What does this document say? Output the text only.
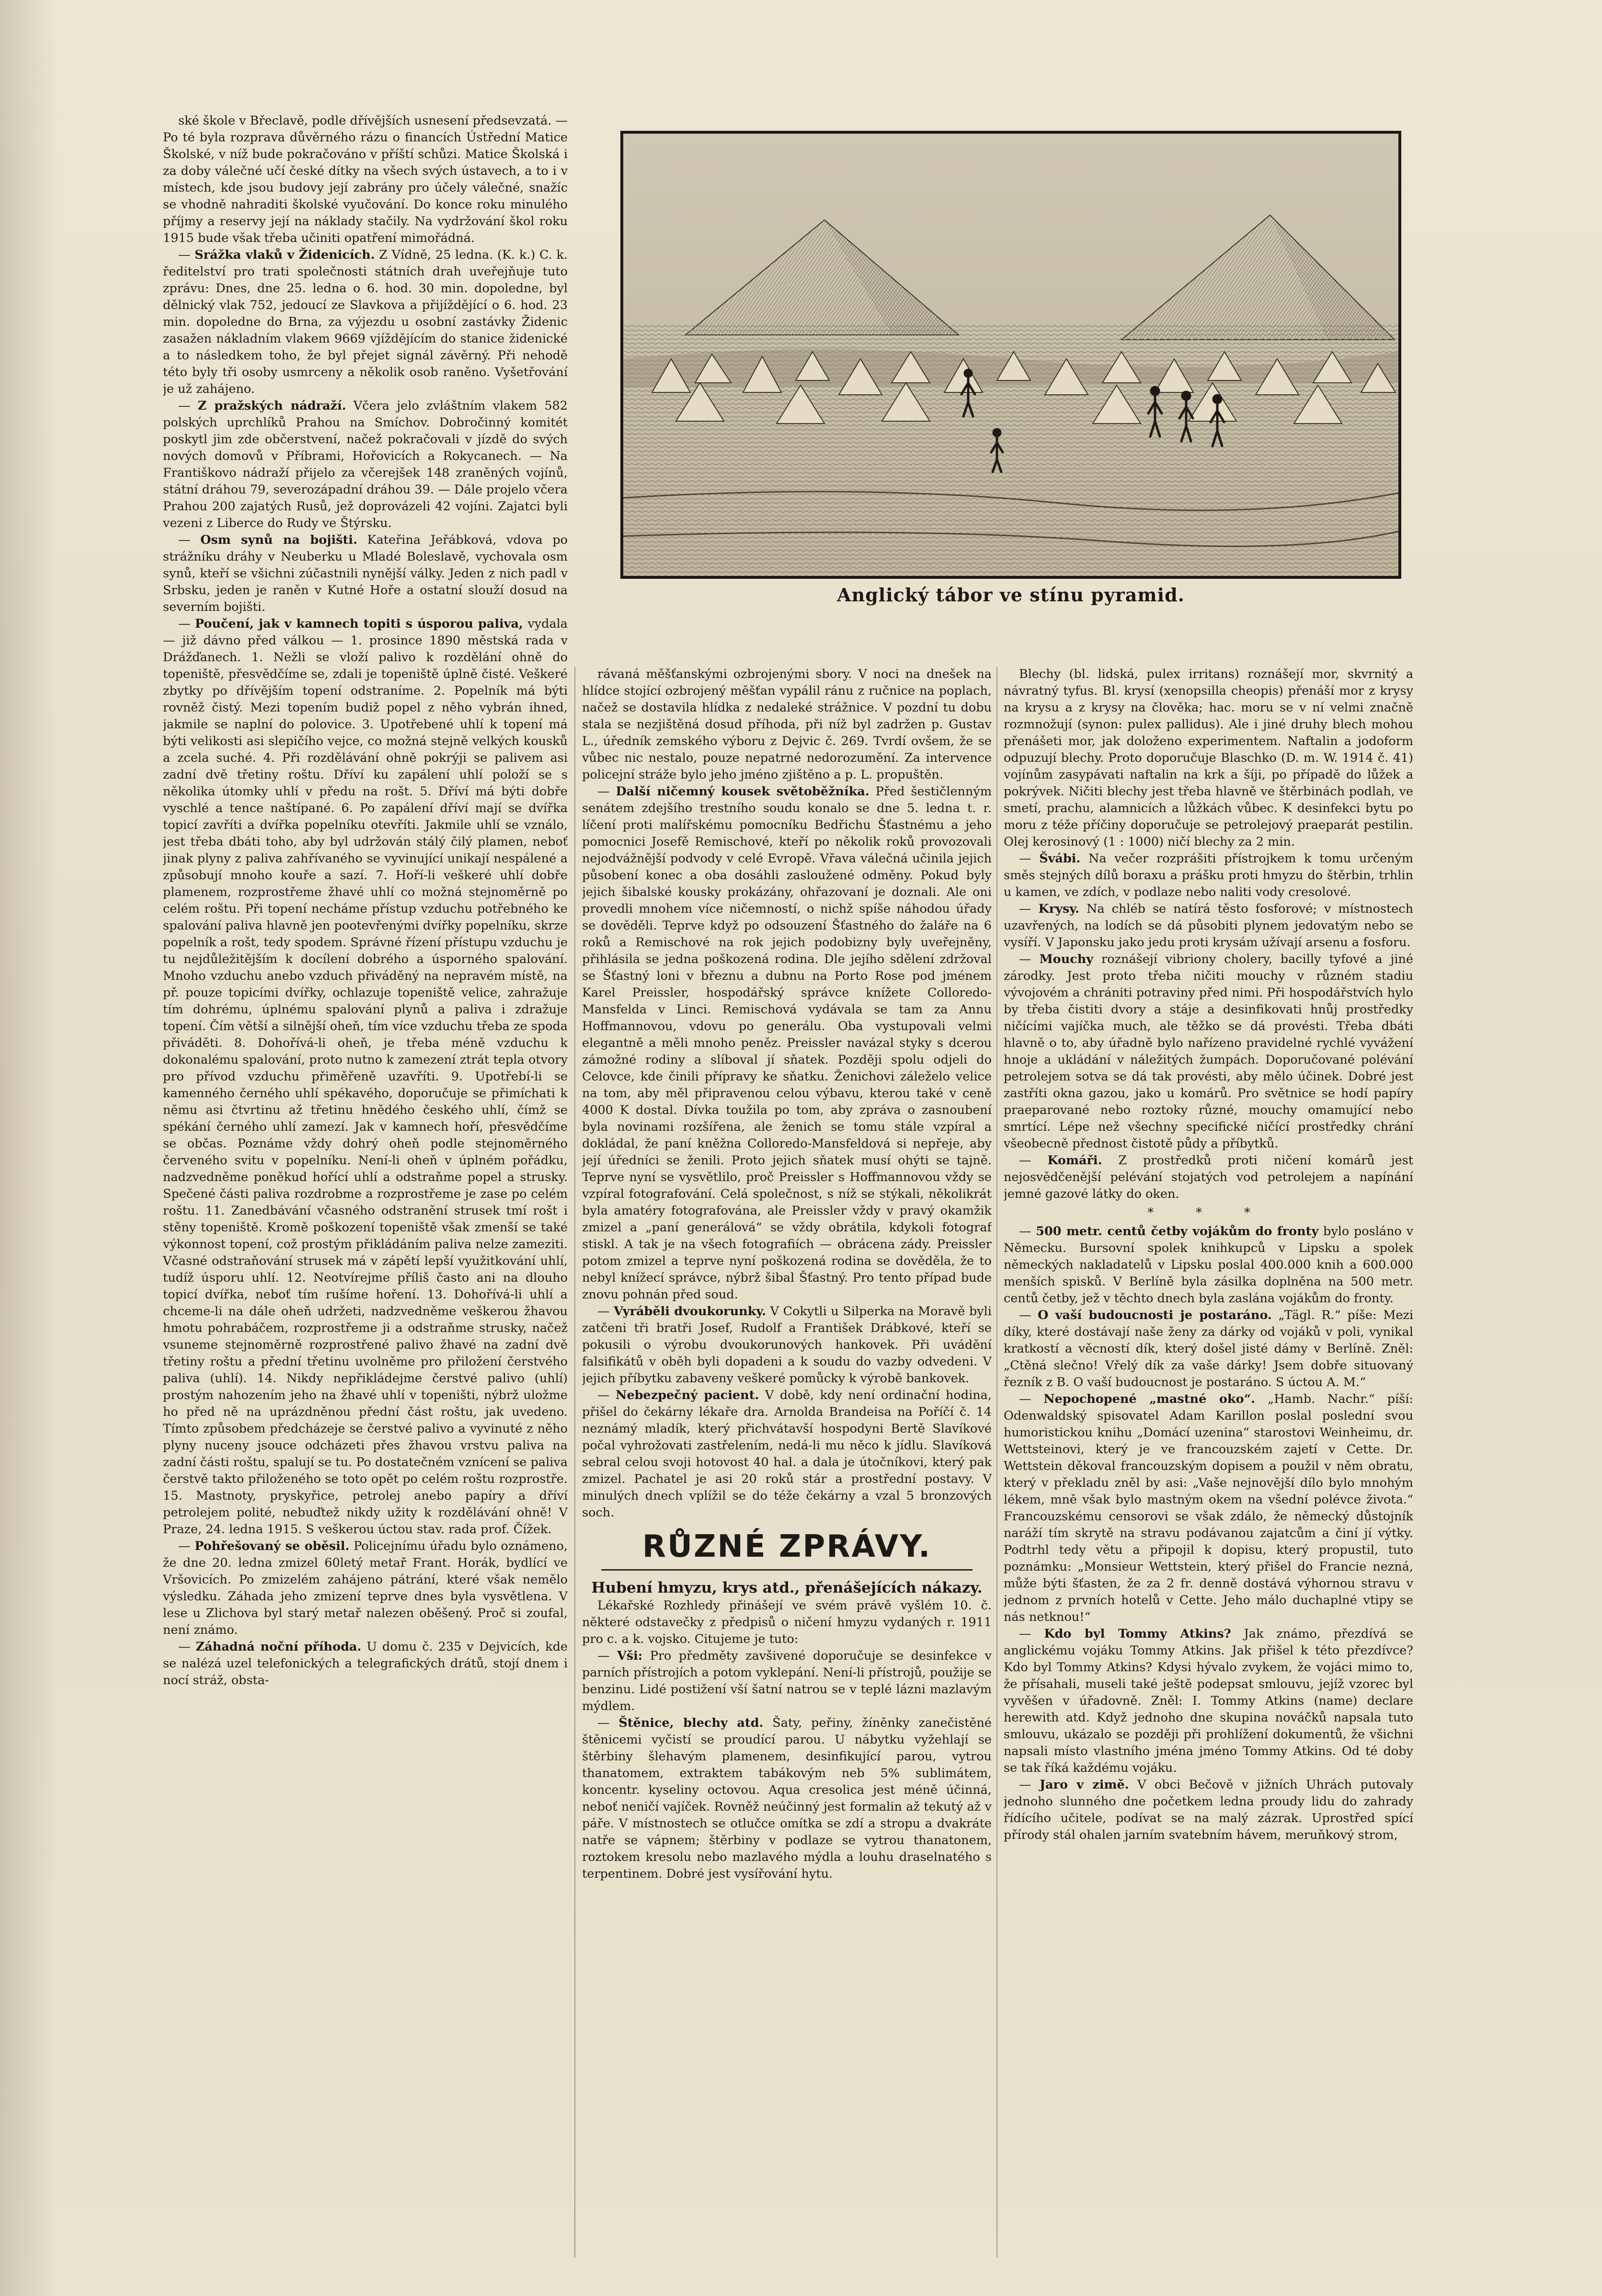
ské škole v Břeclavě, podle dřívějších usnesení předsevzatá. — Po té byla rozprava důvěrného rázu o financích Ústřední Matice Školské, v níž bude pokračováno v příští schůzi. Matice Školská i za doby válečné učí české dítky na všech svých ústavech, a to i v místech, kde jsou budovy její zabrány pro účely válečné, snažíc se vhodně nahraditi školské vyučování. Do konce roku minulého příjmy a reservy její na náklady stačily. Na vydržování škol roku 1915 bude však třeba učiniti opatření mimořádná.

— Srážka vlaků v Židenicích. Z Vídně, 25 ledna. (K. k.) C. k. ředitelství pro trati společnosti státních drah uveřejňuje tuto zprávu: Dnes, dne 25. ledna o 6. hod. 30 min. dopoledne, byl dělnický vlak 752, jedoucí ze Slavkova a přijíždějící o 6. hod. 23 min. dopoledne do Brna, za výjezdu u osobní zastávky Židenic zasažen nákladním vlakem 9669 vjíždějícím do stanice židenické a to následkem toho, že byl přejet signál závěrný. Při nehodě této byly tři osoby usmrceny a několik osob raněno. Vyšetřování je už zahájeno.

— Z pražských nádraží. Včera jelo zvláštním vlakem 582 polských uprchlíků Prahou na Smíchov. Dobročinný komitét poskytl jim zde občerstvení, načež pokračovali v jízdě do svých nových domovů v Příbrami, Hořovicích a Rokycanech. — Na Františkovo nádraží přijelo za včerejšek 148 zraněných vojínů, státní dráhou 79, severozápadní dráhou 39. — Dále projelo včera Prahou 200 zajatých Rusů, jež doprovázeli 42 vojíni. Zajatci byli vezeni z Liberce do Rudy ve Štýrsku.

— Osm synů na bojišti. Kateřina Jeřábková, vdova po strážníku dráhy v Neuberku u Mladé Boleslavě, vychovala osm synů, kteří se všichni zúčastnili nynější války. Jeden z nich padl v Srbsku, jeden je raněn v Kutné Hoře a ostatní slouží dosud na severním bojišti.

— Poučení, jak v kamnech topiti s úsporou paliva, vydala — již dávno před válkou — 1. prosince 1890 městská rada v Drážďanech. 1. Nežli se vloží palivo k rozdělání ohně do topeniště, přesvědčíme se, zdali je topeniště úplně čisté. Veškeré zbytky po dřívějším topení odstraníme. 2. Popelník má býti rovněž čistý. Mezi topením budiž popel z něho vybrán ihned, jakmile se naplní do polovice. 3. Upotřebené uhlí k topení má býti velikosti asi slepičího vejce, co možná stejně velkých kousků a zcela suché. 4. Při rozdělávání ohně pokrýji se palivem asi zadní dvě třetiny roštu. Dříví ku zapálení uhlí položí se s několika útomky uhlí v předu na rošt. 5. Dříví má býti dobře vyschlé a tence naštípané. 6. Po zapálení dříví mají se dvířka topicí zavříti a dvířka popelníku otevříti. Jakmile uhlí se vználo, jest třeba dbáti toho, aby byl udržován stálý čilý plamen, neboť jinak plyny z paliva zahřívaného se vyvinující unikají nespálené a způsobují mnoho kouře a sazí. 7. Hoří-li veškeré uhlí dobře plamenem, rozprostřeme žhavé uhlí co možná stejnoměrně po celém roštu. Při topení necháme přístup vzduchu potřebného ke spalování paliva hlavně jen pootevřenými dvířky popelníku, skrze popelník a rošt, tedy spodem. Správné řízení přístupu vzduchu je tu nejdůležitějším k docílení dobrého a úsporného spalování. Mnoho vzduchu anebo vzduch přiváděný na nepravém místě, na př. pouze topicími dvířky, ochlazuje topeniště velice, zahražuje tím dohrému, úplnému spalování plynů a paliva i zdražuje topení. Čím větší a silnější oheň, tím více vzduchu třeba ze spoda přiváděti. 8. Dohořívá-li oheň, je třeba méně vzduchu k dokonalému spalování, proto nutno k zamezení ztrát tepla otvory pro přívod vzduchu přiměřeně uzavříti. 9. Upotřebí-li se kamenného černého uhlí spékavého, doporučuje se přimíchati k němu asi čtvrtinu až třetinu hnědého českého uhlí, čímž se spékání černého uhlí zamezí. Jak v kamnech hoří, přesvědčíme se občas. Poznáme vždy dohrý oheň podle stejnoměrného červeného svitu v popelníku. Není-li oheň v úplném pořádku, nadzvedněme poněkud hořící uhlí a odstraňme popel a strusky. Spečené části paliva rozdrobme a rozprostřeme je zase po celém roštu. 11. Zanedbávání včasného odstranění strusek tmí rošt i stěny topeniště. Kromě poškození topeniště však zmenší se také výkonnost topení, což prostým přikládáním paliva nelze zameziti. Včasné odstraňování strusek má v zápětí lepší využitkování uhlí, tudíž úsporu uhlí. 12. Neotvírejme příliš často ani na dlouho topicí dvířka, neboť tím rušíme hoření. 13. Dohořívá-li uhlí a chceme-li na dále oheň udržeti, nadzvedněme veškerou žhavou hmotu pohrabáčem, rozprostřeme ji a odstraňme strusky, načež vsuneme stejnoměrně rozprostřené palivo žhavé na zadní dvě třetiny roštu a přední třetinu uvolněme pro přiložení čerstvého paliva (uhlí). 14. Nikdy nepřikládejme čerstvé palivo (uhlí) prostým nahozením jeho na žhavé uhlí v topeništi, nýbrž uložme ho před ně na uprázdněnou přední část roštu, jak uvedeno. Tímto způsobem předcházeje se čerstvé palivo a vyvinuté z něho plyny nuceny jsouce odcházeti přes žhavou vrstvu paliva na zadní části roštu, spalují se tu. Po dostatečném vznícení se paliva čerstvě takto přiloženého se toto opět po celém roštu rozprostře. 15. Mastnoty, pryskyřice, petrolej anebo papíry a dříví petrolejem polité, nebuďtež nikdy užity k rozdělávání ohně! V Praze, 24. ledna 1915. S veškerou úctou stav. rada prof. Čížek.

— Pohřešovaný se oběsil. Policejnímu úřadu bylo oznámeno, že dne 20. ledna zmizel 60letý metař Frant. Horák, bydlící ve Vršovicích. Po zmizelém zahájeno pátrání, které však nemělo výsledku. Záhada jeho zmizení teprve dnes byla vysvětlena. V lese u Zlichova byl starý metař nalezen oběšený. Proč si zoufal, není známo.

— Záhadná noční příhoda. U domu č. 235 v Dejvicích, kde se nalézá uzel telefonických a telegrafických drátů, stojí dnem i nocí stráž, obsta-

Anglický tábor ve stínu pyramid.

rávaná měšťanskými ozbrojenými sbory. V noci na dnešek na hlídce stojící ozbrojený měšťan vypálil ránu z ručnice na poplach, načež se dostavila hlídka z nedaleké strážnice. V pozdní tu dobu stala se nezjištěná dosud příhoda, při níž byl zadržen p. Gustav L., úředník zemského výboru z Dejvic č. 269. Tvrdí ovšem, že se vůbec nic nestalo, pouze nepatrné nedorozumění. Za intervence policejní stráže bylo jeho jméno zjištěno a p. L. propuštěn.

— Další ničemný kousek světoběžníka. Před šestičlenným senátem zdejšího trestního soudu konalo se dne 5. ledna t. r. líčení proti malířskému pomocníku Bedřichu Šťastnému a jeho pomocnici Josefě Remischové, kteří po několik roků provozovali nejodvážnější podvody v celé Evropě. Vřava válečná učinila jejich působení konec a oba dosáhli zasloužené odměny. Pokud byly jejich šibalské kousky prokázány, ohřazovaní je doznali. Ale oni provedli mnohem více ničemností, o nichž spíše náhodou úřady se dověděli. Teprve když po odsouzení Šťastného do žaláře na 6 roků a Remischové na rok jejich podobizny byly uveřejněny, přihlásila se jedna poškozená rodina. Dle jejího sdělení zdržoval se Šťastný loni v březnu a dubnu na Porto Rose pod jménem Karel Preissler, hospodářský správce knížete Colloredo-Mansfelda v Linci. Remischová vydávala se tam za Annu Hoffmannovou, vdovu po generálu. Oba vystupovali velmi elegantně a měli mnoho peněz. Preissler navázal styky s dcerou zámožné rodiny a slíboval jí sňatek. Později spolu odjeli do Celovce, kde činili přípravy ke sňatku. Ženichovi záleželo velice na tom, aby měl připravenou celou výbavu, kterou také v ceně 4000 K dostal. Dívka toužila po tom, aby zpráva o zasnoubení byla novinami rozšířena, ale ženich se tomu stále vzpíral a dokládal, že paní kněžna Colloredo-Mansfeldová si nepřeje, aby její úředníci se ženili. Proto jejich sňatek musí ohýti se tajně. Teprve nyní se vysvětlilo, proč Preissler s Hoffmannovou vždy se vzpíral fotografování. Celá společnost, s níž se stýkali, několikrát byla amatéry fotografována, ale Preissler vždy v pravý okamžik zmizel a „paní generálová“ se vždy obrátila, kdykoli fotograf stiskl. A tak je na všech fotografiích — obrácena zády. Preissler potom zmizel a teprve nyní poškozená rodina se dověděla, že to nebyl knížecí správce, nýbrž šibal Šťastný. Pro tento případ bude znovu pohnán před soud.

— Vyráběli dvoukorunky. V Cokytli u Silperka na Moravě byli zatčeni tři bratři Josef, Rudolf a František Drábkové, kteří se pokusili o výrobu dvoukorunových hankovek. Při uvádění falsifikátů v oběh byli dopadeni a k soudu do vazby odvedeni. V jejich příbytku zabaveny veškeré pomůcky k výrobě bankovek.

— Nebezpečný pacient. V době, kdy není ordinační hodina, přišel do čekárny lékaře dra. Arnolda Brandeisa na Poříčí č. 14 neznámý mladík, který přichvátavší hospodyni Bertě Slavíkové počal vyhrožovati zastřelením, nedá-li mu něco k jídlu. Slavíková sebral celou svoji hotovost 40 hal. a dala je útočníkovi, který pak zmizel. Pachatel je asi 20 roků stár a prostřední postavy. V minulých dnech vplížil se do téže čekárny a vzal 5 bronzových soch.

RŮZNÉ ZPRÁVY.
Hubení hmyzu, krys atd., přenášejících nákazy.

Lékařské Rozhledy přinášejí ve svém právě vyšlém 10. č. některé odstavečky z předpisů o ničení hmyzu vydaných r. 1911 pro c. a k. vojsko. Citujeme je tuto:

— Vši: Pro předměty zavšivené doporučuje se desinfekce v parních přístrojích a potom vyklepání. Není-li přístrojů, použije se benzinu. Lidé postižení vší šatní natrou se v teplé lázni mazlavým mýdlem.

— Štěnice, blechy atd. Šaty, peřiny, žíněnky zanečistěné štěnicemi vyčistí se proudící parou. U nábytku vyžehlají se štěrbiny šlehavým plamenem, desinfikující parou, vytrou thanatomem, extraktem tabákovým neb 5% sublimátem, koncentr. kyseliny octovou. Aqua cresolica jest méně účinná, neboť neničí vajíček. Rovněž neúčinný jest formalin až tekutý až v páře. V místnostech se otlučce omítka se zdí a stropu a dvakráte natře se vápnem; štěrbiny v podlaze se vytrou thanatonem, roztokem kresolu nebo mazlavého mýdla a louhu draselnatého s terpentinem. Dobré jest vysířování hytu.

Blechy (bl. lidská, pulex irritans) roznášejí mor, skvrnitý a návratný tyfus. Bl. krysí (xenopsilla cheopis) přenáší mor z krysy na krysu a z krysy na člověka; hac. moru se v ní velmi značně rozmnožují (synon: pulex pallidus). Ale i jiné druhy blech mohou přenášeti mor, jak doloženo experimentem. Naftalin a jodoform odpuzují blechy. Proto doporučuje Blaschko (D. m. W. 1914 č. 41) vojínům zasypávati naftalin na krk a šíji, po případě do lůžek a pokrývek. Ničiti blechy jest třeba hlavně ve štěrbinách podlah, ve smetí, prachu, alamnicích a lůžkách vůbec. K desinfekci bytu po moru z téže příčiny doporučuje se petrolejový praeparát pestilin. Olej kerosinový (1 : 1000) ničí blechy za 2 min.

— Švábi. Na večer rozprášiti přístrojkem k tomu určeným směs stejných dílů boraxu a prášku proti hmyzu do štěrbin, trhlin u kamen, ve zdích, v podlaze nebo naliti vody cresolové.

— Krysy. Na chléb se natírá těsto fosforové; v místnostech uzavřených, na lodích se dá působiti plynem jedovatým nebo se vysíří. V Japonsku jako jedu proti krysám užívají arsenu a fosforu.

— Mouchy roznášejí vibriony cholery, bacilly tyfové a jiné zárodky. Jest proto třeba ničiti mouchy v různém stadiu vývojovém a chrániti potraviny před nimi. Při hospodářstvích hylo by třeba čistiti dvory a stáje a desinfikovati hnůj prostředky ničícími vajíčka much, ale těžko se dá provésti. Třeba dbáti hlavně o to, aby úřadně bylo nařízeno pravidelné rychlé vyvážení hnoje a ukládání v náležitých žumpách. Doporučované polévání petrolejem sotva se dá tak provésti, aby mělo účinek. Dobré jest zastříti okna gazou, jako u komárů. Pro světnice se hodí papíry praeparované nebo roztoky různé, mouchy omamující nebo smrtící. Lépe než všechny specifické ničící prostředky chrání všeobecně přednost čistotě půdy a příbytků.

— Komáři. Z prostředků proti ničení komárů jest nejosvědčenější pelévání stojatých vod petrolejem a napínání jemné gazové látky do oken.

* * *

— 500 metr. centů četby vojákům do fronty bylo posláno v Německu. Bursovní spolek knihkupců v Lipsku a spolek německých nakladatelů v Lipsku poslal 400.000 knih a 600.000 menších spisků. V Berlíně byla zásilka doplněna na 500 metr. centů četby, jež v těchto dnech byla zaslána vojákům do fronty.

— O vaší budoucnosti je postaráno. „Tägl. R.“ píše: Mezi díky, které dostávají naše ženy za dárky od vojáků v poli, vynikal kratkostí a věcností dík, který došel jisté dámy v Berlíně. Zněl: „Ctěná slečno! Vřelý dík za vaše dárky! Jsem dobře situovaný řezník z B. O vaší budoucnost je postaráno. S úctou A. M.“

— Nepochopené „mastné oko“. „Hamb. Nachr.“ píší: Odenwaldský spisovatel Adam Karillon poslal poslední svou humoristickou knihu „Domácí uzenina“ starostovi Weinheimu, dr. Wettsteinovi, který je ve francouzském zajetí v Cette. Dr. Wettstein děkoval francouzským dopisem a použil v něm obratu, který v překladu zněl by asi: „Vaše nejnovější dílo bylo mnohým lékem, mně však bylo mastným okem na všední polévce života.“ Francouzskému censorovi se však zdálo, že německý důstojník naráží tím skrytě na stravu podávanou zajatcům a činí jí výtky. Podtrhl tedy větu a připojil k dopisu, který propustil, tuto poznámku: „Monsieur Wettstein, který přišel do Francie nezná, může býti šťasten, že za 2 fr. denně dostává výhornou stravu v jednom z prvních hotelů v Cette. Jeho málo duchaplné vtipy se nás netknou!“

— Kdo byl Tommy Atkins? Jak známo, přezdívá se anglickému vojáku Tommy Atkins. Jak přišel k této přezdívce? Kdo byl Tommy Atkins? Kdysi hývalo zvykem, že vojáci mimo to, že přísahali, museli také ještě podepsat smlouvu, jejíž vzorec byl vyvěšen v úřadovně. Zněl: I. Tommy Atkins (name) declare herewith atd. Když jednoho dne skupina nováčků napsala tuto smlouvu, ukázalo se později při prohlížení dokumentů, že všichni napsali místo vlastního jména jméno Tommy Atkins. Od té doby se tak říká každému vojáku.

— Jaro v zimě. V obci Bečově v jižních Uhrách putovaly jednoho slunného dne početkem ledna proudy lidu do zahrady řídícího učitele, podívat se na malý zázrak. Uprostřed spící přírody stál ohalen jarním svatebním hávem, meruňkový strom,
